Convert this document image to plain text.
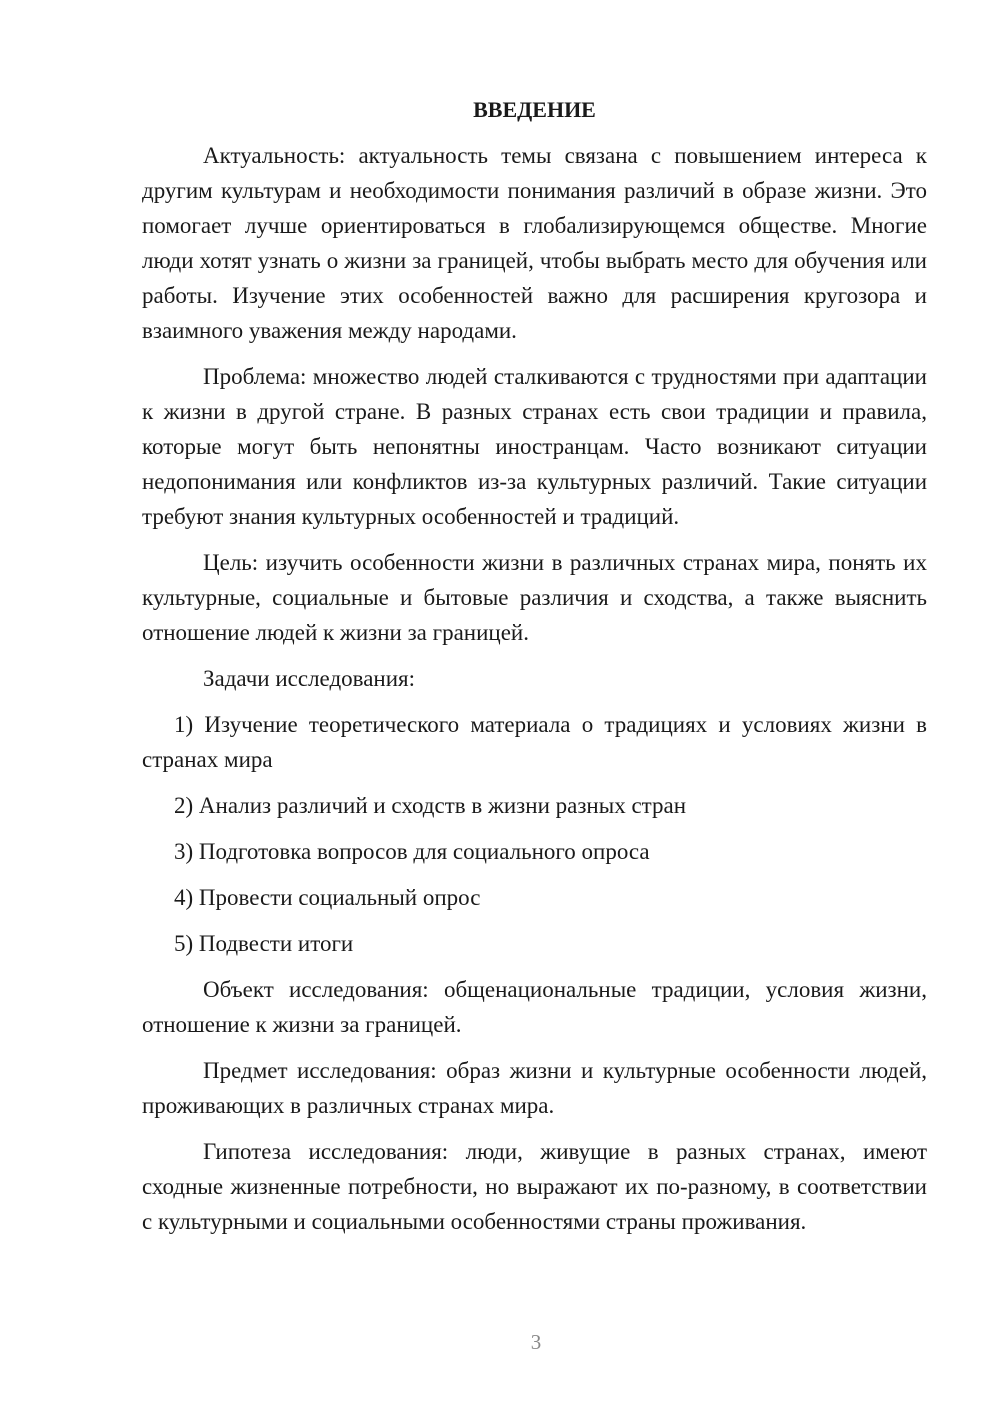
ВВЕДЕНИЕ

Актуальность: актуальность темы связана с повышением интереса к другим культурам и необходимости понимания различий в образе жизни. Это помогает лучше ориентироваться в глобализирующемся обществе. Многие люди хотят узнать о жизни за границей, чтобы выбрать место для обучения или работы. Изучение этих особенностей важно для расширения кругозора и взаимного уважения между народами.

Проблема: множество людей сталкиваются с трудностями при адаптации к жизни в другой стране. В разных странах есть свои традиции и правила, которые могут быть непонятны иностранцам. Часто возникают ситуации недопонимания или конфликтов из-за культурных различий. Такие ситуации требуют знания культурных особенностей и традиций.

Цель: изучить особенности жизни в различных странах мира, понять их культурные, социальные и бытовые различия и сходства, а также выяснить отношение людей к жизни за границей.

Задачи исследования:

1) Изучение теоретического материала о традициях и условиях жизни в странах мира

2) Анализ различий и сходств в жизни разных стран

3) Подготовка вопросов для социального опроса

4) Провести социальный опрос

5) Подвести итоги

Объект исследования: общенациональные традиции, условия жизни, отношение к жизни за границей.

Предмет исследования: образ жизни и культурные особенности людей, проживающих в различных странах мира.

Гипотеза исследования: люди, живущие в разных странах, имеют сходные жизненные потребности, но выражают их по-разному, в соответствии с культурными и социальными особенностями страны проживания.

3
